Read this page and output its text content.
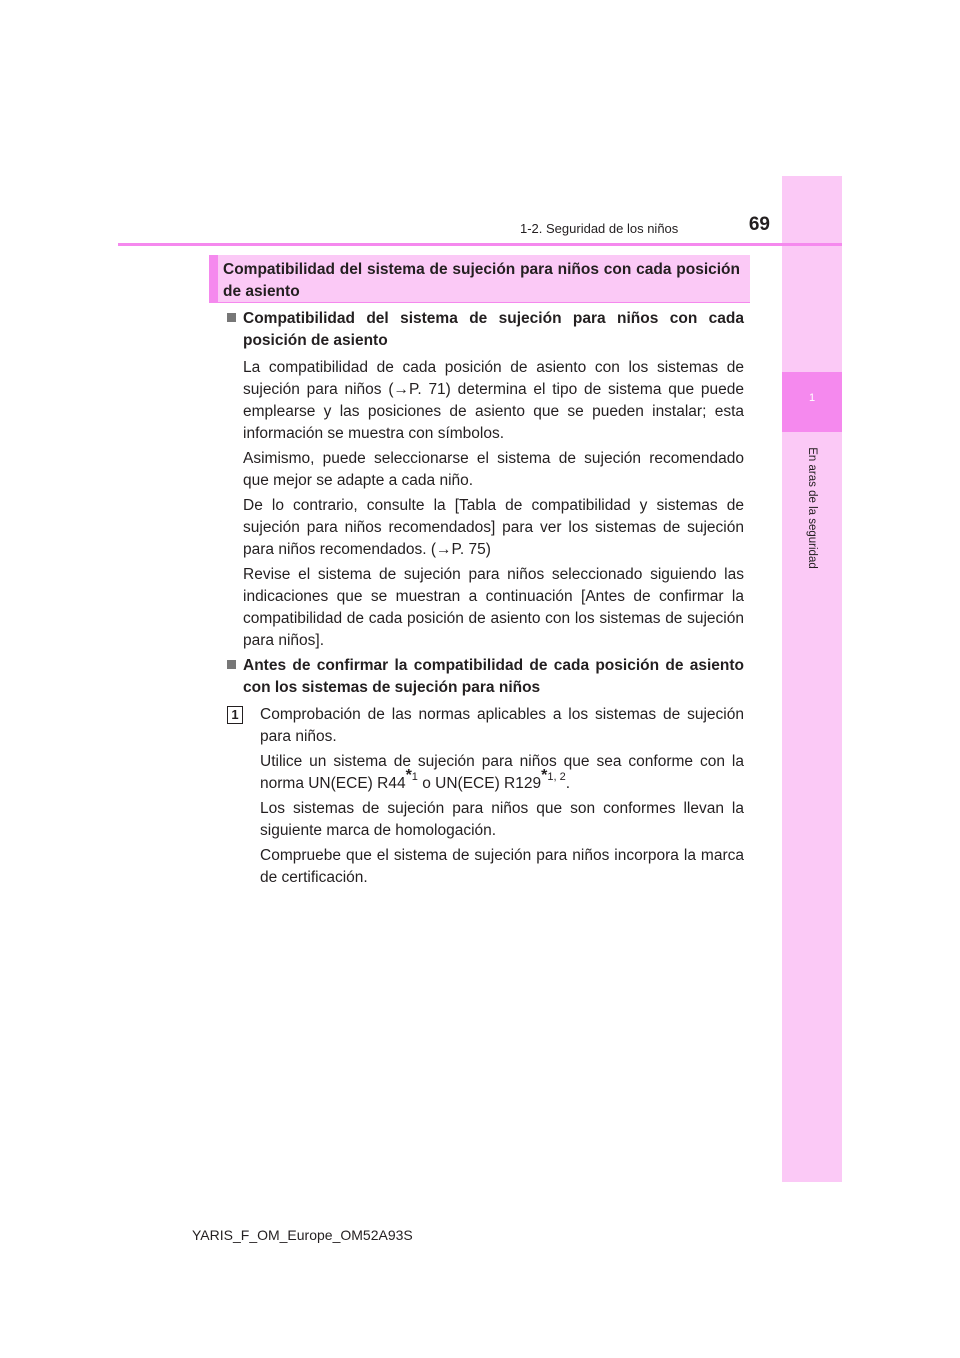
1
En aras de la seguridad
1-2. Seguridad de los niños	69
Compatibilidad del sistema de sujeción para niños con cada posición de asiento

Compatibilidad del sistema de sujeción para niños con cada posición de asiento

La compatibilidad de cada posición de asiento con los sistemas de sujeción para niños (→P. 71) determina el tipo de sistema que puede emplearse y las posiciones de asiento que se pueden instalar; esta información se muestra con símbolos.

Asimismo, puede seleccionarse el sistema de sujeción recomendado que mejor se adapte a cada niño.

De lo contrario, consulte la [Tabla de compatibilidad y sistemas de sujeción para niños recomendados] para ver los sistemas de sujeción para niños recomendados. (→P. 75)

Revise el sistema de sujeción para niños seleccionado siguiendo las indicaciones que se muestran a continuación [Antes de confirmar la compatibilidad de cada posición de asiento con los sistemas de sujeción para niños].

Antes de confirmar la compatibilidad de cada posición de asiento con los sistemas de sujeción para niños

1 Comprobación de las normas aplicables a los sistemas de sujeción para niños.

Utilice un sistema de sujeción para niños que sea conforme con la norma UN(ECE) R44$^{*1}$ o UN(ECE) R129$^{*1, 2}$.

Los sistemas de sujeción para niños que son conformes llevan la siguiente marca de homologación.

Compruebe que el sistema de sujeción para niños incorpora la marca de certificación.

YARIS_F_OM_Europe_OM52A93S
